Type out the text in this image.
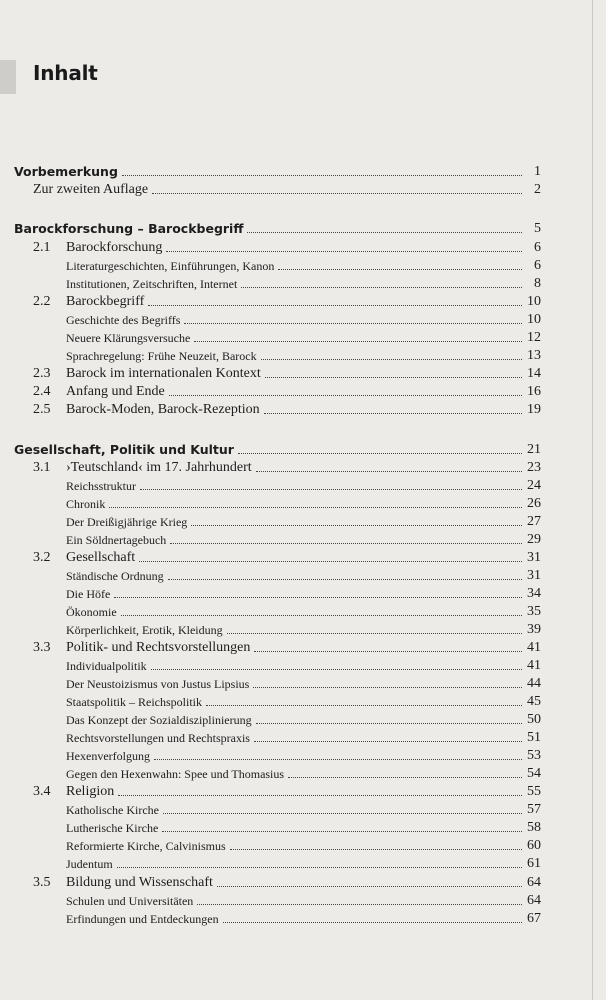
Inhalt
Vorbemerkung	1
Zur zweiten Auflage	2
Barockforschung – Barockbegriff	5
2.1 Barockforschung	6
Literaturgeschichten, Einführungen, Kanon	6
Institutionen, Zeitschriften, Internet	8
2.2 Barockbegriff	10
Geschichte des Begriffs	10
Neuere Klärungsversuche	12
Sprachregelung: Frühe Neuzeit, Barock	13
2.3 Barock im internationalen Kontext	14
2.4 Anfang und Ende	16
2.5 Barock-Moden, Barock-Rezeption	19
Gesellschaft, Politik und Kultur	21
3.1 ›Teutschland‹ im 17. Jahrhundert	23
Reichsstruktur	24
Chronik	26
Der Dreißigjährige Krieg	27
Ein Söldnertagebuch	29
3.2 Gesellschaft	31
Ständische Ordnung	31
Die Höfe	34
Ökonomie	35
Körperlichkeit, Erotik, Kleidung	39
3.3 Politik- und Rechtsvorstellungen	41
Individualpolitik	41
Der Neustoizismus von Justus Lipsius	44
Staatspolitik – Reichspolitik	45
Das Konzept der Sozialdisziplinierung	50
Rechtsvorstellungen und Rechtspraxis	51
Hexenverfolgung	53
Gegen den Hexenwahn: Spee und Thomasius	54
3.4 Religion	55
Katholische Kirche	57
Lutherische Kirche	58
Reformierte Kirche, Calvinismus	60
Judentum	61
3.5 Bildung und Wissenschaft	64
Schulen und Universitäten	64
Erfindungen und Entdeckungen	67
